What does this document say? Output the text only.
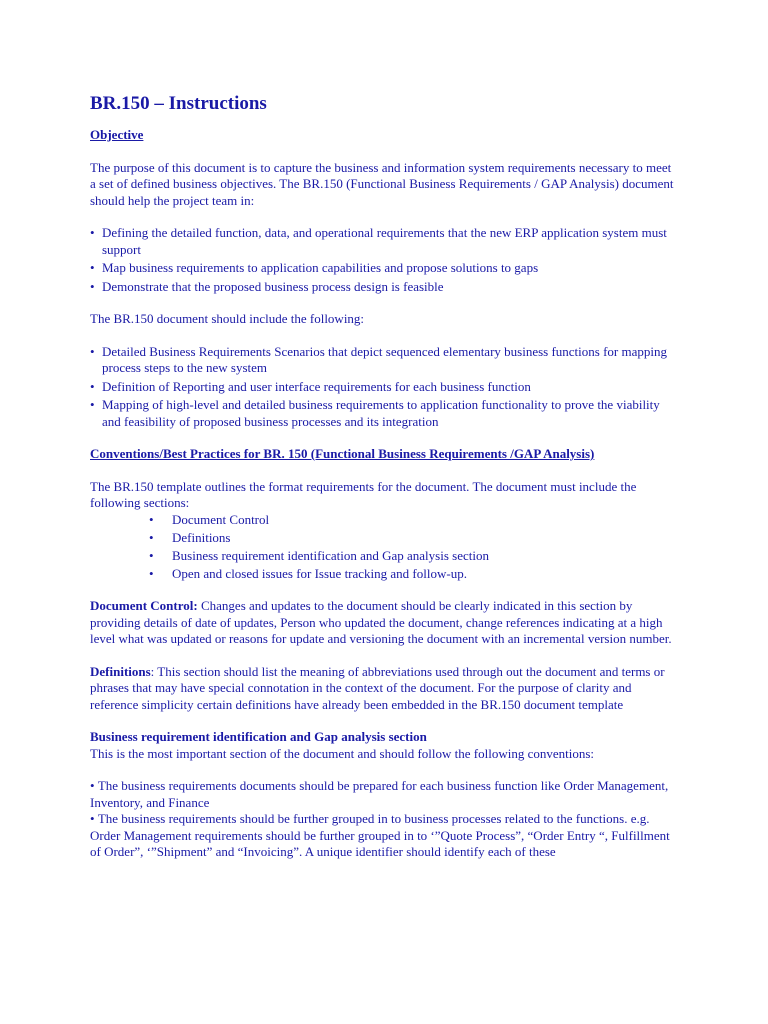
BR.150 – Instructions
Objective

The purpose of this document is to capture the business and information system requirements necessary to meet a set of defined business objectives. The BR.150 (Functional Business Requirements / GAP Analysis) document should help the project team in:

• Defining the detailed function, data, and operational requirements that the new ERP application system must support
• Map business requirements to application capabilities and propose solutions to gaps
• Demonstrate that the proposed business process design is feasible

The BR.150 document should include the following:

• Detailed Business Requirements Scenarios that depict sequenced elementary business functions for mapping process steps to the new system
• Definition of Reporting and user interface requirements for each business function
• Mapping of high-level and detailed business requirements to application functionality to prove the viability and feasibility of proposed business processes and its integration
Conventions/Best Practices for BR. 150 (Functional Business Requirements /GAP Analysis)

The BR.150 template outlines the format requirements for the document. The document must include the following sections:

• Document Control
• Definitions
• Business requirement identification and Gap analysis section
• Open and closed issues for Issue tracking and follow-up.

Document Control: Changes and updates to the document should be clearly indicated in this section by providing details of date of updates, Person who updated the document, change references indicating at a high level what was updated or reasons for update and versioning the document with an incremental version number.

Definitions: This section should list the meaning of abbreviations used through out the document and terms or phrases that may have special connotation in the context of the document. For the purpose of clarity and reference simplicity certain definitions have already been embedded in the BR.150 document template

Business requirement identification and Gap analysis section

This is the most important section of the document and should follow the following conventions:

• The business requirements documents should be prepared for each business function like Order Management, Inventory, and Finance
• The business requirements should be further grouped in to business processes related to the functions. e.g. Order Management requirements should be further grouped in to ‘”Quote Process”, “Order Entry “, Fulfillment of Order”, ‘”Shipment” and “Invoicing”. A unique identifier should identify each of these
